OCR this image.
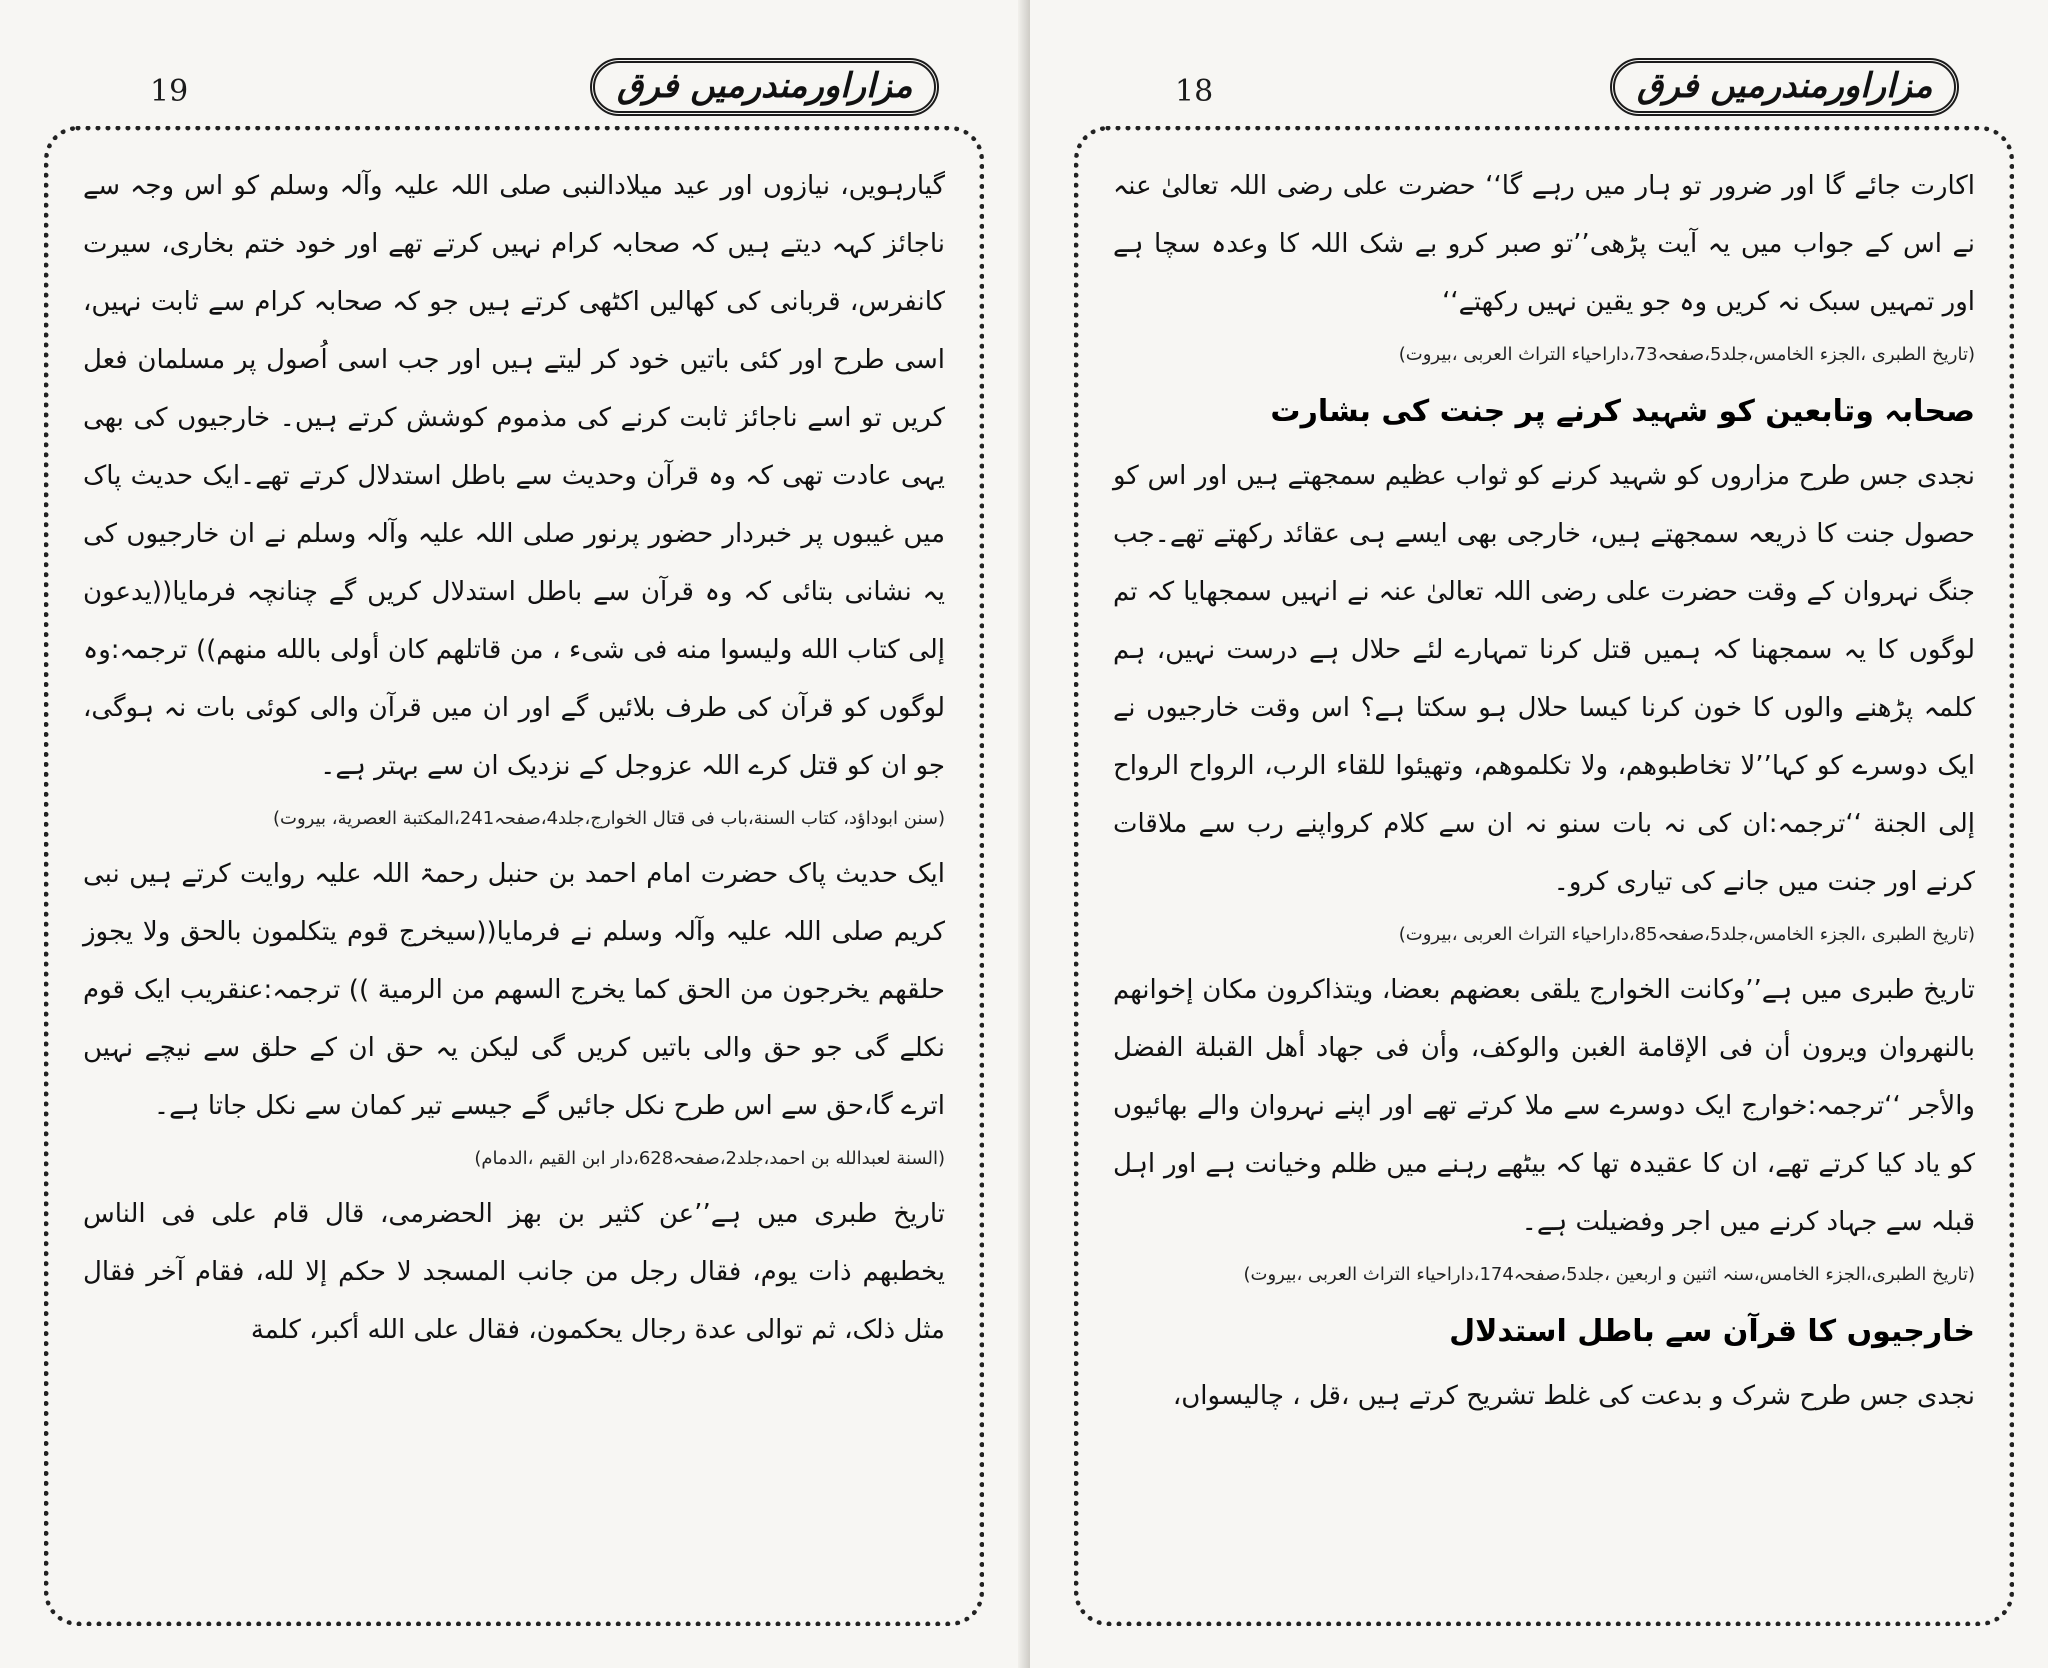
19	مزاراورمندرمیں فرق

گیارہویں، نیازوں اور عید میلادالنبی صلی اللہ علیہ وآلہ وسلم کو اس وجہ سے ناجائز کہہ دیتے ہیں کہ صحابہ کرام نہیں کرتے تھے اور خود ختم بخاری، سیرت کانفرس، قربانی کی کھالیں اکٹھی کرتے ہیں جو کہ صحابہ کرام سے ثابت نہیں، اسی طرح اور کئی باتیں خود کر لیتے ہیں اور جب اسی اُصول پر مسلمان فعل کریں تو اسے ناجائز ثابت کرنے کی مذموم کوشش کرتے ہیں۔ خارجیوں کی بھی یہی عادت تھی کہ وہ قرآن وحدیث سے باطل استدلال کرتے تھے۔ایک حدیث پاک میں غیبوں پر خبردار حضور پرنور صلی اللہ علیہ وآلہ وسلم نے ان خارجیوں کی یہ نشانی بتائی کہ وہ قرآن سے باطل استدلال کریں گے چنانچہ فرمایا((یدعون إلی کتاب الله ولیسوا منه فی شیء ، من قاتلهم کان أولی بالله منهم)) ترجمہ:وہ لوگوں کو قرآن کی طرف بلائیں گے اور ان میں قرآن والی کوئی بات نہ ہوگی، جو ان کو قتل کرے اللہ عزوجل کے نزدیک ان سے بہتر ہے۔

(سنن ابوداؤد، کتاب السنة،باب فی قتال الخوارج،جلد4،صفحہ241،المکتبة العصریة، بیروت)

ایک حدیث پاک حضرت امام احمد بن حنبل رحمۃ اللہ علیہ روایت کرتے ہیں نبی کریم صلی اللہ علیہ وآلہ وسلم نے فرمایا((سیخرج قوم یتکلمون بالحق ولا یجوز حلقهم یخرجون من الحق کما یخرج السهم من الرمیة )) ترجمہ:عنقریب ایک قوم نکلے گی جو حق والی باتیں کریں گی لیکن یہ حق ان کے حلق سے نیچے نہیں اترے گا،حق سے اس طرح نکل جائیں گے جیسے تیر کمان سے نکل جاتا ہے۔

(السنة لعبدالله بن احمد،جلد2،صفحہ628،دار ابن القیم ،الدمام)

تاریخ طبری میں ہے’’عن کثیر بن بهز الحضرمی، قال قام علی فی الناس یخطبهم ذات یوم، فقال رجل من جانب المسجد لا حکم إلا لله، فقام آخر فقال مثل ذلک، ثم توالی عدة رجال یحکمون، فقال علی الله أکبر، کلمة

18	مزاراورمندرمیں فرق

اکارت جائے گا اور ضرور تو ہار میں رہے گا‘‘ حضرت علی رضی اللہ تعالیٰ عنہ نے اس کے جواب میں یہ آیت پڑھی’’تو صبر کرو بے شک اللہ کا وعدہ سچا ہے اور تمہیں سبک نہ کریں وہ جو یقین نہیں رکھتے‘‘

(تاریخ الطبری ،الجزء الخامس،جلد5،صفحہ73،داراحیاء التراث العربی ،بیروت)

صحابہ وتابعین کو شہید کرنے پر جنت کی بشارت

نجدی جس طرح مزاروں کو شہید کرنے کو ثواب عظیم سمجھتے ہیں اور اس کو حصول جنت کا ذریعہ سمجھتے ہیں، خارجی بھی ایسے ہی عقائد رکھتے تھے۔جب جنگ نہروان کے وقت حضرت علی رضی اللہ تعالیٰ عنہ نے انہیں سمجھایا کہ تم لوگوں کا یہ سمجھنا کہ ہمیں قتل کرنا تمہارے لئے حلال ہے درست نہیں، ہم کلمہ پڑھنے والوں کا خون کرنا کیسا حلال ہو سکتا ہے؟ اس وقت خارجیوں نے ایک دوسرے کو کہا’’لا تخاطبوهم، ولا تکلموهم، وتهیئوا للقاء الرب، الرواح الرواح إلی الجنة ‘‘ترجمہ:ان کی نہ بات سنو نہ ان سے کلام کرواپنے رب سے ملاقات کرنے اور جنت میں جانے کی تیاری کرو۔

(تاریخ الطبری ،الجزء الخامس،جلد5،صفحہ85،داراحیاء التراث العربی ،بیروت)

تاریخ طبری میں ہے’’وکانت الخوارج یلقی بعضهم بعضا، ویتذاکرون مکان إخوانهم بالنهروان ویرون أن فی الإقامة الغبن والوکف، وأن فی جهاد أهل القبلة الفضل والأجر ‘‘ترجمہ:خوارج ایک دوسرے سے ملا کرتے تھے اور اپنے نہروان والے بھائیوں کو یاد کیا کرتے تھے، ان کا عقیدہ تھا کہ بیٹھے رہنے میں ظلم وخیانت ہے اور اہل قبلہ سے جہاد کرنے میں اجر وفضیلت ہے۔

(تاریخ الطبری،الجزء الخامس،سنہ اثنین و اربعین ،جلد5،صفحہ174،داراحیاء التراث العربی ،بیروت)

خارجیوں کا قرآن سے باطل استدلال

نجدی جس طرح شرک و بدعت کی غلط تشریح کرتے ہیں ،قل ، چالیسواں،
